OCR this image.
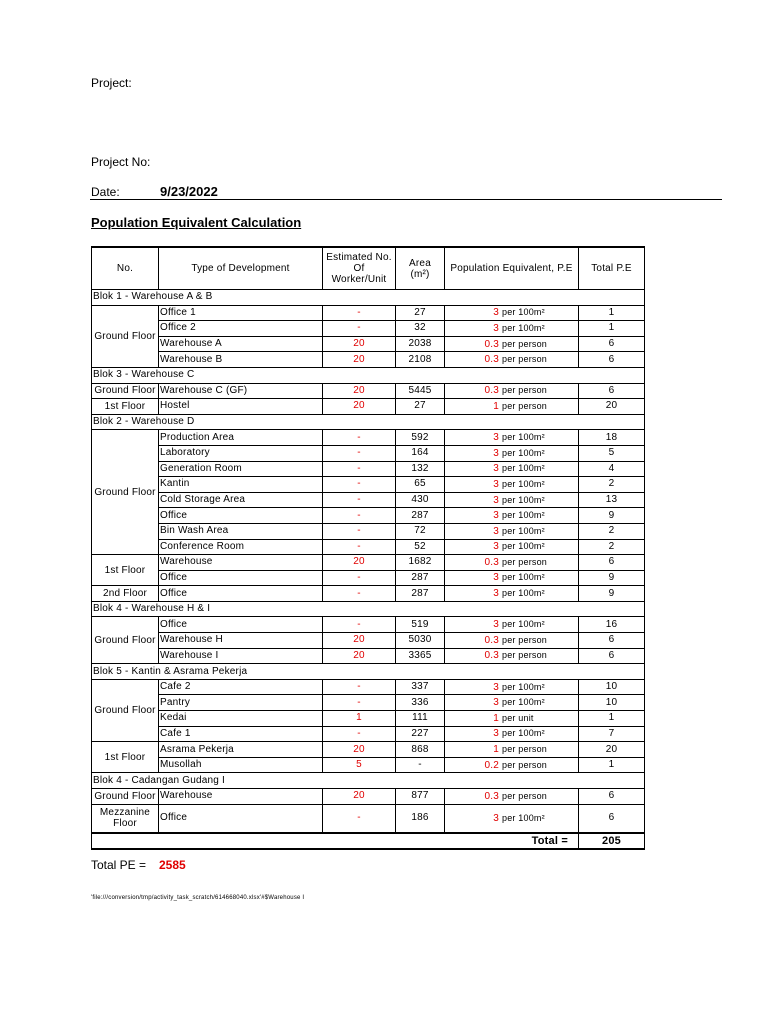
Project:
Project No:
Date:	9/23/2022
Population Equivalent Calculation
No.	Type of Development	Estimated No. Of Worker/Unit	Area (m²)	Population Equivalent, P.E	Total P.E
Blok 1 - Warehouse A & B					
Ground Floor	Office 1	-	27	3 per 100m²	1
	Office 2	-	32	3 per 100m²	1
	Warehouse A	20	2038	0.3 per person	6
	Warehouse B	20	2108	0.3 per person	6
Blok 3 - Warehouse C					
Ground Floor	Warehouse C (GF)	20	5445	0.3 per person	6
1st Floor	Hostel	20	27	1 per person	20
Blok 2 - Warehouse D					
Ground Floor	Production Area	-	592	3 per 100m²	18
	Laboratory	-	164	3 per 100m²	5
	Generation Room	-	132	3 per 100m²	4
	Kantin	-	65	3 per 100m²	2
	Cold Storage Area	-	430	3 per 100m²	13
	Office	-	287	3 per 100m²	9
	Bin Wash Area	-	72	3 per 100m²	2
	Conference Room	-	52	3 per 100m²	2
1st Floor	Warehouse	20	1682	0.3 per person	6
	Office	-	287	3 per 100m²	9
2nd Floor	Office	-	287	3 per 100m²	9
Blok 4 - Warehouse H & I					
Ground Floor	Office	-	519	3 per 100m²	16
	Warehouse H	20	5030	0.3 per person	6
	Warehouse I	20	3365	0.3 per person	6
Blok 5 - Kantin & Asrama Pekerja					
Ground Floor	Cafe 2	-	337	3 per 100m²	10
	Pantry	-	336	3 per 100m²	10
	Kedai	1	111	1 per unit	1
	Cafe 1	-	227	3 per 100m²	7
1st Floor	Asrama Pekerja	20	868	1 per person	20
	Musollah	5	-	0.2 per person	1
Blok 4 - Cadangan Gudang I					
Ground Floor	Warehouse	20	877	0.3 per person	6
Mezzanine Floor	Office	-	186	3 per 100m²	6
				Total =	205
Total PE = 2585
'file:///conversion/tmp/activity_task_scratch/614668040.xlsx'#$Warehouse I
